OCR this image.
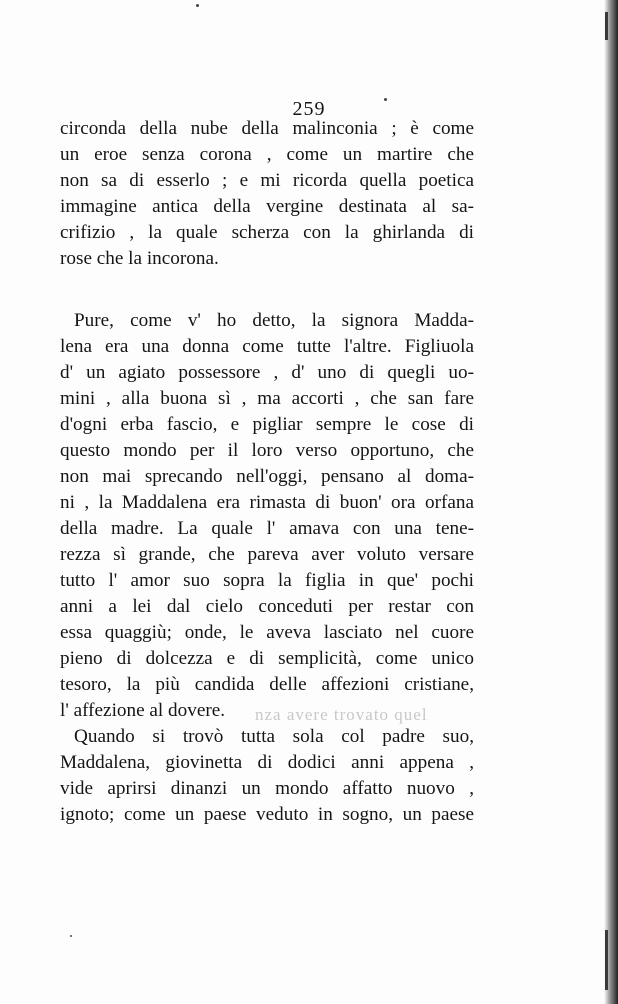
259
nza avere trovato quel
circonda della nube della malinconia ; è come
un eroe senza corona , come un martire che
non sa di esserlo ; e mi ricorda quella poetica
immagine antica della vergine destinata al sa-
crifizio , la quale scherza con la ghirlanda di
rose che la incorona.
Pure, come v' ho detto, la signora Madda-
lena era una donna come tutte l'altre. Figliuola
d' un agiato possessore , d' uno di quegli uo-
mini , alla buona sì , ma accorti , che san fare
d'ogni erba fascio, e pigliar sempre le cose di
questo mondo per il loro verso opportuno, che
non mai sprecando nell'oggi, pensano al doma-
ni , la Maddalena era rimasta di buon' ora orfana
della madre. La quale l' amava con una tene-
rezza sì grande, che pareva aver voluto versare
tutto l' amor suo sopra la figlia in que' pochi
anni a lei dal cielo conceduti per restar con
essa quaggiù; onde, le aveva lasciato nel cuore
pieno di dolcezza e di semplicità, come unico
tesoro, la più candida delle affezioni cristiane,
l' affezione al dovere.
Quando si trovò tutta sola col padre suo,
Maddalena, giovinetta di dodici anni appena ,
vide aprirsi dinanzi un mondo affatto nuovo ,
ignoto; come un paese veduto in sogno, un paese
